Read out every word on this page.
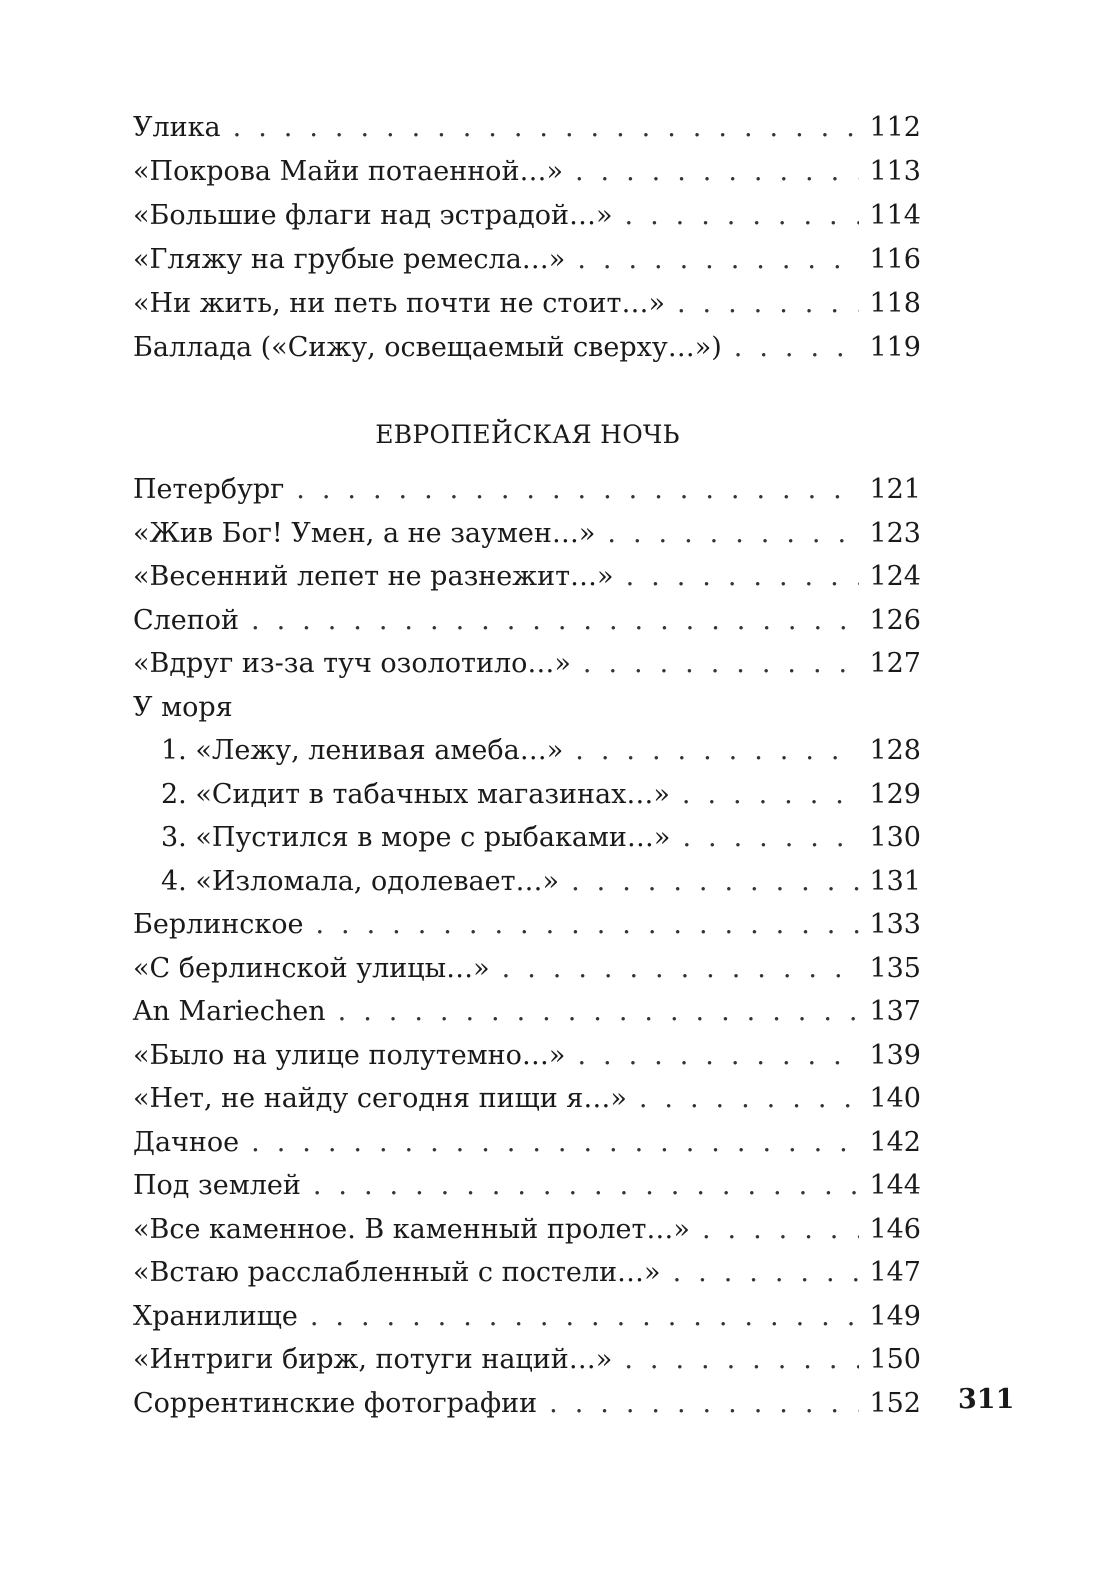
Улика . . .	112
«Покрова Майи потаенной…» . . .	113
«Большие флаги над эстрадой…» . . .	114
«Гляжу на грубые ремесла…» . . .	116
«Ни жить, ни петь почти не стоит…» . . .	118
Баллада («Сижу, освещаемый сверху…») . . .	119
ЕВРОПЕЙСКАЯ НОЧЬ
Петербург . . .	121
«Жив Бог! Умен, а не заумен…» . . .	123
«Весенний лепет не разнежит…» . . .	124
Слепой . . .	126
«Вдруг из-за туч озолотило…» . . .	127
У моря
1. «Лежу, ленивая амеба…» . . .	128
2. «Сидит в табачных магазинах…» . . .	129
3. «Пустился в море с рыбаками…» . . .	130
4. «Изломала, одолевает…» . . .	131
Берлинское . . .	133
«С берлинской улицы…» . . .	135
An Mariechen . . .	137
«Было на улице полутемно…» . . .	139
«Нет, не найду сегодня пищи я…» . . .	140
Дачное . . .	142
Под землей . . .	144
«Все каменное. В каменный пролет…» . . .	146
«Встаю расслабленный с постели…» . . .	147
Хранилище . . .	149
«Интриги бирж, потуги наций…» . . .	150
Соррентинские фотографии . . .	152 311
